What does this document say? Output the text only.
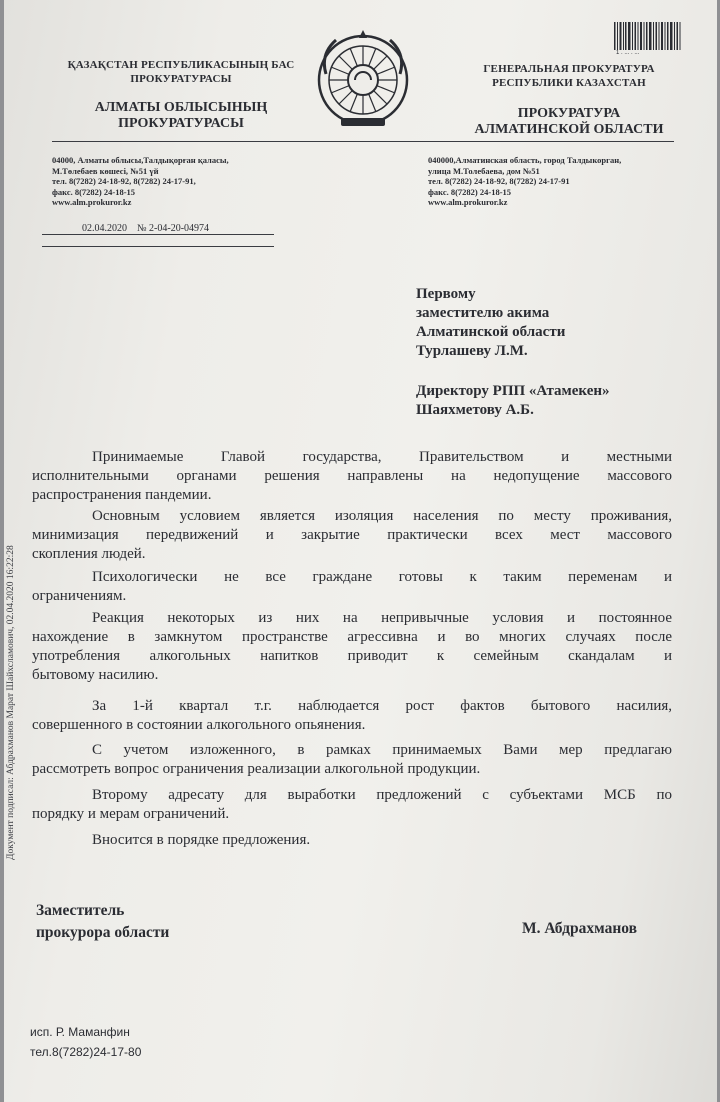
1 . ... . ...
ҚАЗАҚСТАН РЕСПУБЛИКАСЫНЫҢ БАС
ПРОКУРАТУРАСЫ
АЛМАТЫ ОБЛЫСЫНЫҢ
ПРОКУРАТУРАСЫ
ГЕНЕРАЛЬНАЯ ПРОКУРАТУРА
РЕСПУБЛИКИ КАЗАХСТАН
ПРОКУРАТУРА
АЛМАТИНСКОЙ ОБЛАСТИ
04000, Алматы облысы,Талдықорған қаласы,
М.Төлебаев көшесі, №51 үй
тел. 8(7282) 24-18-92, 8(7282) 24-17-91,
факс. 8(7282) 24-18-15
www.alm.prokuror.kz
040000,Алматинская область, город Талдыкорган,
улица М.Толебаева, дом №51
тел. 8(7282) 24-18-92, 8(7282) 24-17-91
факс. 8(7282) 24-18-15
www.alm.prokuror.kz
02.04.2020 № 2-04-20-04974
Первому
заместителю акима
Алматинской области
Турлашеву Л.М.
Директору РПП «Атамекен»
Шаяхметову А.Б.
Принимаемые Главой государства, Правительством и местными
исполнительными органами решения направлены на недопущение массового
распространения пандемии.
Основным условием является изоляция населения по месту проживания,
минимизация передвижений и закрытие практически всех мест массового
скопления людей.
Психологически не все граждане готовы к таким переменам и
ограничениям.
Реакция некоторых из них на непривычные условия и постоянное
нахождение в замкнутом пространстве агрессивна и во многих случаях после
употребления алкогольных напитков приводит к семейным скандалам и
бытовому насилию.
За 1-й квартал т.г. наблюдается рост фактов бытового насилия,
совершенного в состоянии алкогольного опьянения.
С учетом изложенного, в рамках принимаемых Вами мер предлагаю
рассмотреть вопрос ограничения реализации алкогольной продукции.
Второму адресату для выработки предложений с субъектами МСБ по
порядку и мерам ограничений.
Вносится в порядке предложения.
Заместитель
прокурора области	М. Абдрахманов
исп. Р. Маманфин
тел.8(7282)24-17-80
Документ подписал: Абдрахманов Марат Шайхсламович, 02.04.2020 16:22:28
